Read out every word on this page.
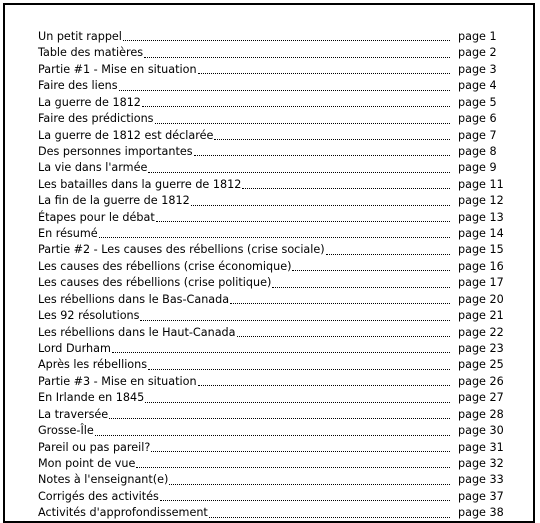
Un petit rappel	page 1
Table des matières	page 2
Partie #1 - Mise en situation	page 3
Faire des liens	page 4
La guerre de 1812	page 5
Faire des prédictions	page 6
La guerre de 1812 est déclarée	page 7
Des personnes importantes	page 8
La vie dans l'armée	page 9
Les batailles dans la guerre de 1812	page 11
La fin de la guerre de 1812	page 12
Étapes pour le débat	page 13
En résumé	page 14
Partie #2 - Les causes des rébellions (crise sociale)	page 15
Les causes des rébellions (crise économique)	page 16
Les causes des rébellions (crise politique)	page 17
Les rébellions dans le Bas-Canada	page 20
Les 92 résolutions	page 21
Les rébellions dans le Haut-Canada	page 22
Lord Durham	page 23
Après les rébellions	page 25
Partie #3 - Mise en situation	page 26
En Irlande en 1845	page 27
La traversée	page 28
Grosse-Île	page 30
Pareil ou pas pareil?	page 31
Mon point de vue	page 32
Notes à l'enseignant(e)	page 33
Corrigés des activités	page 37
Activités d'approfondissement	page 38
